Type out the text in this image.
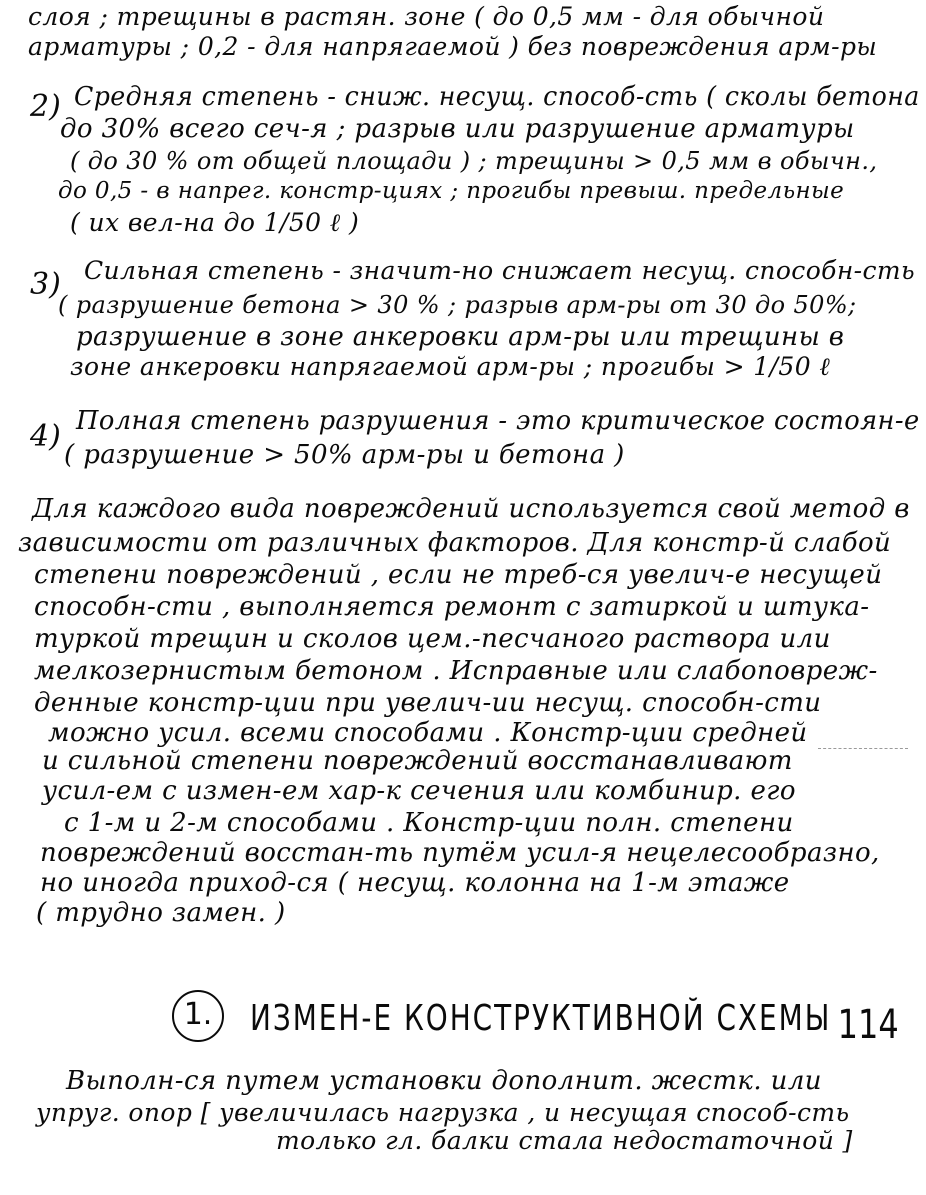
слоя ; трещины в растян. зоне ( до 0,5 мм - для обычной
арматуры ; 0,2 - для напрягаемой ) без повреждения арм-ры
2) Средняя степень - сниж. несущ. способ-сть ( сколы бетона
до 30% всего сеч-я ; разрыв или разрушение арматуры
( до 30 % от общей площади ) ; трещины > 0,5 мм в обычн.,
до 0,5 - в напрег. констр-циях ; прогибы превыш. предельные
( их вел-на до 1/50 ℓ )
3) Сильная степень - значит-но снижает несущ. способн-сть
( разрушение бетона > 30 % ; разрыв арм-ры от 30 до 50%;
разрушение в зоне анкеровки арм-ры или трещины в
зоне анкеровки напрягаемой арм-ры ; прогибы > 1/50 ℓ
4) Полная степень разрушения - это критическое состоян-е
( разрушение > 50% арм-ры и бетона )
Для каждого вида повреждений используется свой метод в
зависимости от различных факторов. Для констр-й слабой
степени повреждений , если не треб-ся увелич-е несущей
способн-сти , выполняется ремонт с затиркой и штука-
туркой трещин и сколов цем.-песчаного раствора или
мелкозернистым бетоном . Исправные или слабоповреж-
денные констр-ции при увелич-ии несущ. способн-сти
можно усил. всеми способами . Констр-ции средней
и сильной степени повреждений восстанавливают
усил-ем с измен-ем хар-к сечения или комбинир. его
с 1-м и 2-м способами . Констр-ции полн. степени
повреждений восстан-ть путём усил-я нецелесообразно,
но иногда приход-ся ( несущ. колонна на 1-м этаже
( трудно замен. )
1.	ИЗМЕН-Е КОНСТРУКТИВНОЙ СХЕМЫ 114
Выполн-ся путем установки дополнит. жестк. или
упруг. опор [ увеличилась нагрузка , и несущая способ-сть
только гл. балки стала недостаточной ]
